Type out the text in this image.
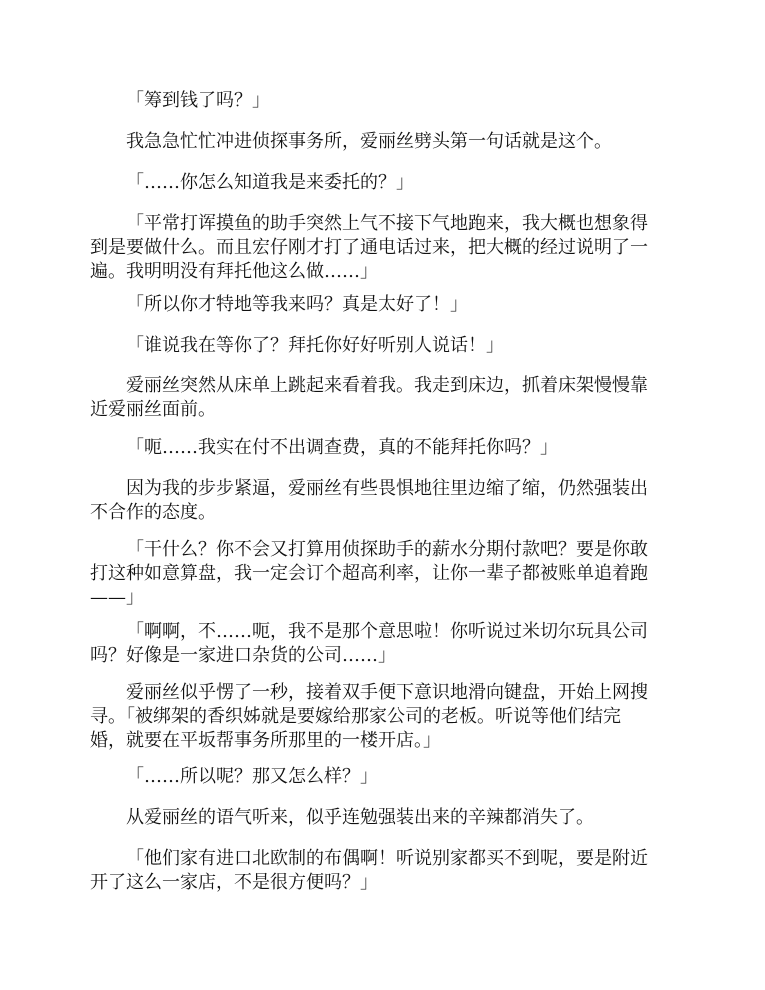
「筹到钱了吗？」

我急急忙忙冲进侦探事务所，爱丽丝劈头第一句话就是这个。

「……你怎么知道我是来委托的？」

「平常打诨摸鱼的助手突然上气不接下气地跑来，我大概也想象得
到是要做什么。而且宏仔刚才打了通电话过来，把大概的经过说明了一
遍。我明明没有拜托他这么做……」

「所以你才特地等我来吗？真是太好了！」

「谁说我在等你了？拜托你好好听别人说话！」

爱丽丝突然从床单上跳起来看着我。我走到床边，抓着床架慢慢靠
近爱丽丝面前。

「呃……我实在付不出调查费，真的不能拜托你吗？」

因为我的步步紧逼，爱丽丝有些畏惧地往里边缩了缩，仍然强装出
不合作的态度。

「干什么？你不会又打算用侦探助手的薪水分期付款吧？要是你敢
打这种如意算盘，我一定会订个超高利率，让你一辈子都被账单追着跑
——」

「啊啊，不……呃，我不是那个意思啦！你听说过米切尔玩具公司
吗？好像是一家进口杂货的公司……」

爱丽丝似乎愣了一秒，接着双手便下意识地滑向键盘，开始上网搜
寻。「被绑架的香织姊就是要嫁给那家公司的老板。听说等他们结完
婚，就要在平坂帮事务所那里的一楼开店。」

「……所以呢？那又怎么样？」

从爱丽丝的语气听来，似乎连勉强装出来的辛辣都消失了。

「他们家有进口北欧制的布偶啊！听说别家都买不到呢，要是附近
开了这么一家店，不是很方便吗？」
